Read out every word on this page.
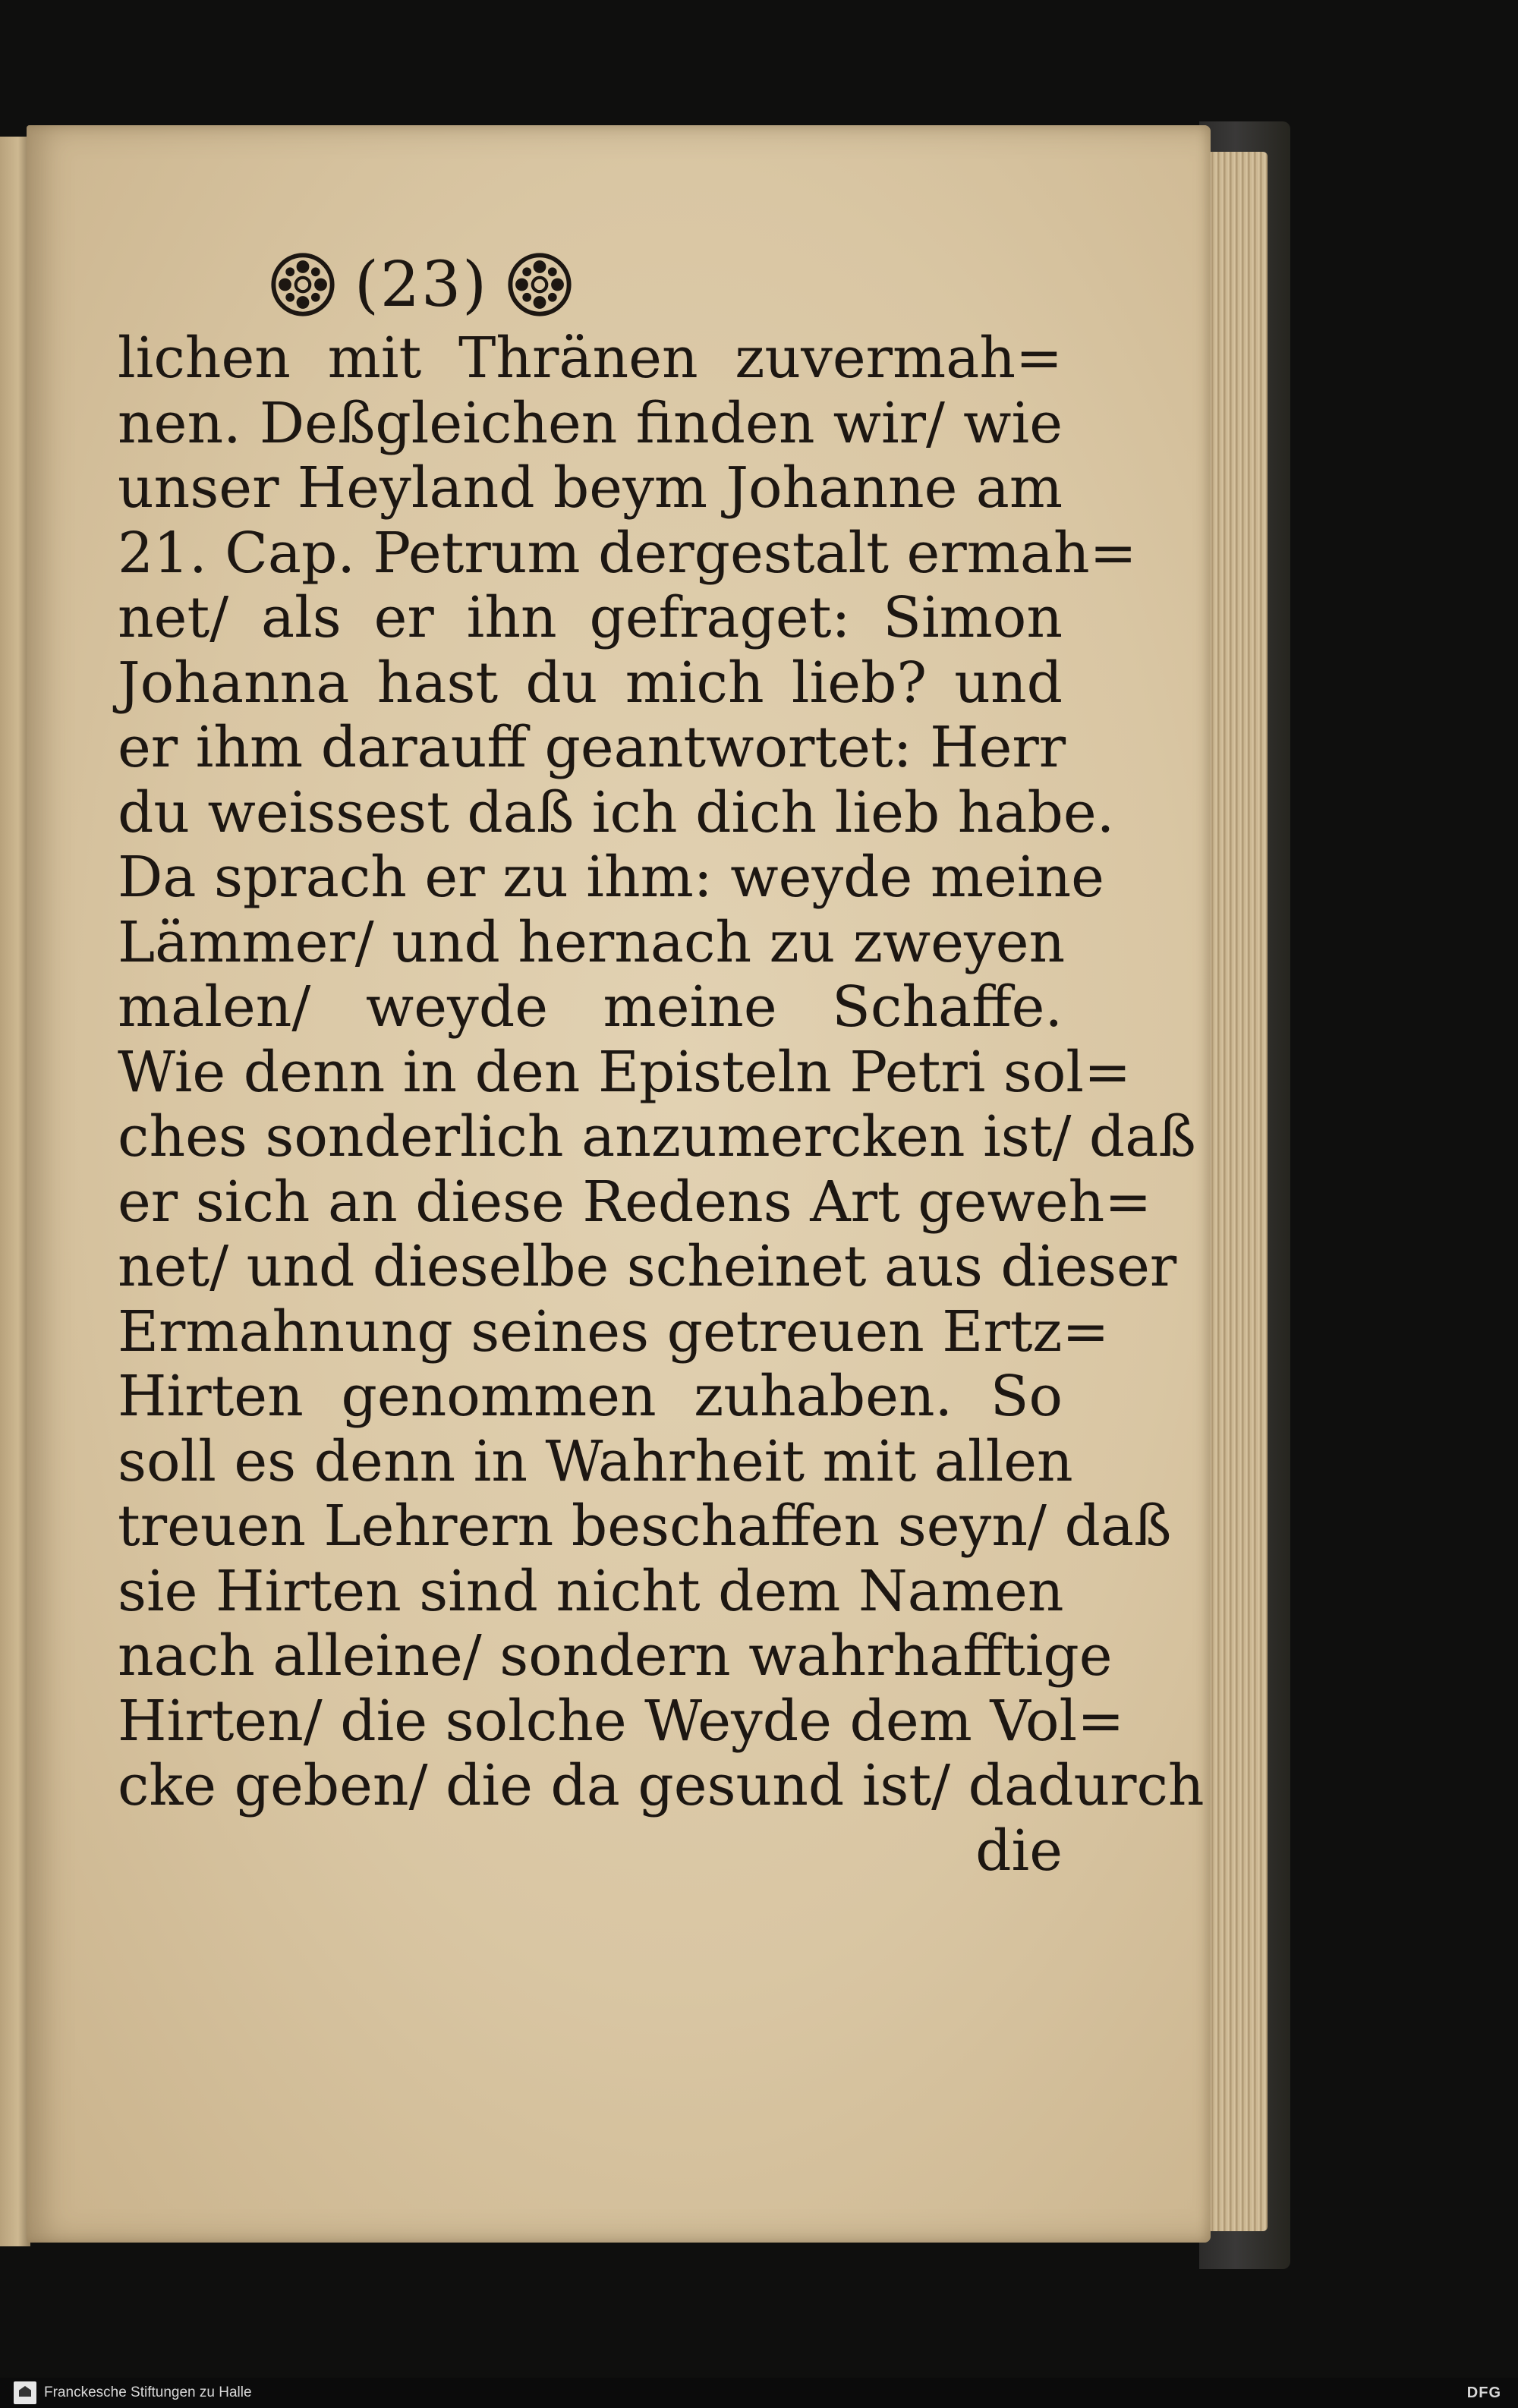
(23)
lichen mit Thränen zuvermah=
nen. Deßgleichen finden wir/ wie
unser Heyland beym Johanne am
21. Cap. Petrum dergestalt ermah=
net/ als er ihn gefraget: Simon
Johanna hast du mich lieb? und
er ihm darauff geantwortet: Herr
du weissest daß ich dich lieb habe.
Da sprach er zu ihm: weyde meine
Lämmer/ und hernach zu zweyen
malen/ weyde meine Schaffe.
Wie denn in den Episteln Petri sol=
ches sonderlich anzumercken ist/ daß
er sich an diese Redens Art geweh=
net/ und dieselbe scheinet aus dieser
Ermahnung seines getreuen Ertz=
Hirten genommen zuhaben. So
soll es denn in Wahrheit mit allen
treuen Lehrern beschaffen seyn/ daß
sie Hirten sind nicht dem Namen
nach alleine/ sondern wahrhafftige
Hirten/ die solche Weyde dem Vol=
cke geben/ die da gesund ist/ dadurch
die
Franckesche Stiftungen zu Halle	DFG
